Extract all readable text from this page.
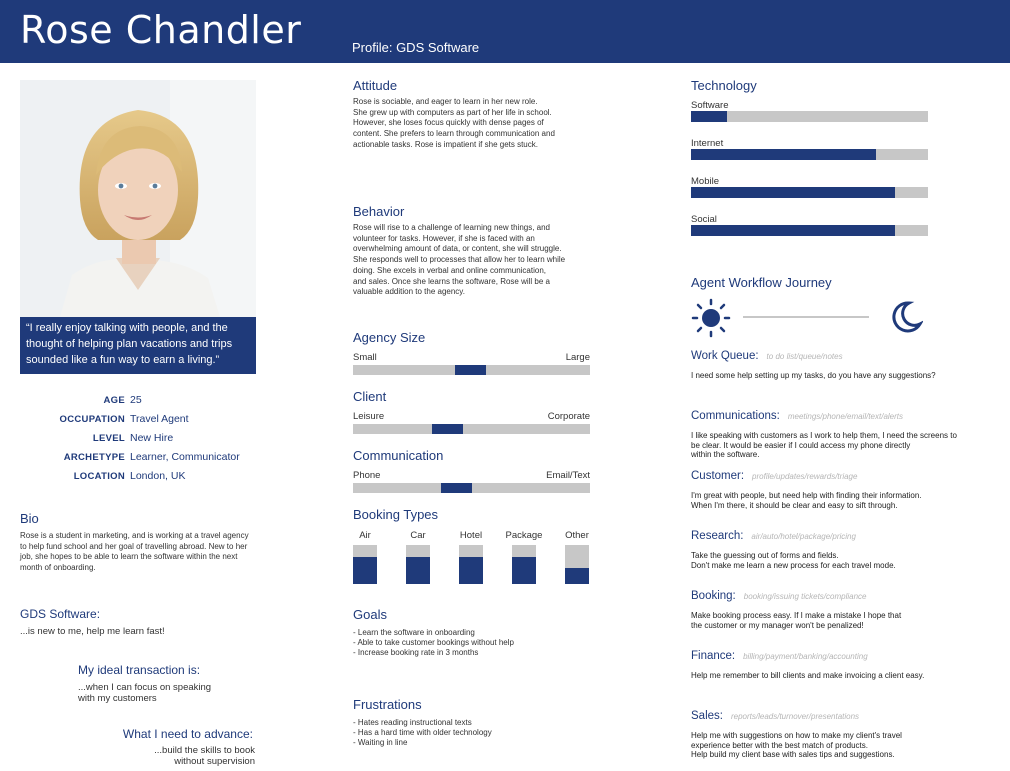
Rose Chandler	Profile: GDS Software
“I really enjoy talking with people, and the thought of helping plan vacations and trips sounded like a fun way to earn a living.”
AGE 25
OCCUPATION Travel Agent
LEVEL New Hire
ARCHETYPE Learner, Communicator
LOCATION London, UK
Bio
Rose is a student in marketing, and is working at a travel agency to help fund school and her goal of travelling abroad. New to her job, she hopes to be able to learn the software within the next month of onboarding.
GDS Software:
...is new to me, help me learn fast!
My ideal transaction is:
...when I can focus on speaking
with my customers
What I need to advance:
...build the skills to book
without supervision
Attitude
Rose is sociable, and eager to learn in her new role.
She grew up with computers as part of her life in school.
However, she loses focus quickly with dense pages of
content. She prefers to learn through communication and
actionable tasks. Rose is impatient if she gets stuck.
Behavior
Rose will rise to a challenge of learning new things, and
volunteer for tasks. However, if she is faced with an
overwhelming amount of data, or content, she will struggle.
She responds well to processes that allow her to learn while
doing. She excels in verbal and online communication,
and sales. Once she learns the software, Rose will be a
valuable addition to the agency.
Agency Size
Small	Large
Client
Leisure	Corporate
Communication
Phone	Email/Text
Booking Types
Air	Car	Hotel	Package	Other
Goals
- Learn the software in onboarding
- Able to take customer bookings without help
- Increase booking rate in 3 months
Frustrations
- Hates reading instructional texts
- Has a hard time with older technology
- Waiting in line
Technology
Software
Internet
Mobile
Social
Agent Workflow Journey
Work Queue: to do list/queue/notes
I need some help setting up my tasks, do you have any suggestions?
Communications: meetings/phone/email/text/alerts
I like speaking with customers as I work to help them, I need the screens to
be clear. It would be easier if I could access my phone directly
within the software.
Customer: profile/updates/rewards/triage
I'm great with people, but need help with finding their information.
When I'm there, it should be clear and easy to sift through.
Research: air/auto/hotel/package/pricing
Take the guessing out of forms and fields.
Don't make me learn a new process for each travel mode.
Booking: booking/issuing tickets/compliance
Make booking process easy. If I make a mistake I hope that
the customer or my manager won't be penalized!
Finance: billing/payment/banking/accounting
Help me remember to bill clients and make invoicing a client easy.
Sales: reports/leads/turnover/presentations
Help me with suggestions on how to make my client's travel
experience better with the best match of products.
Help build my client base with sales tips and suggestions.
